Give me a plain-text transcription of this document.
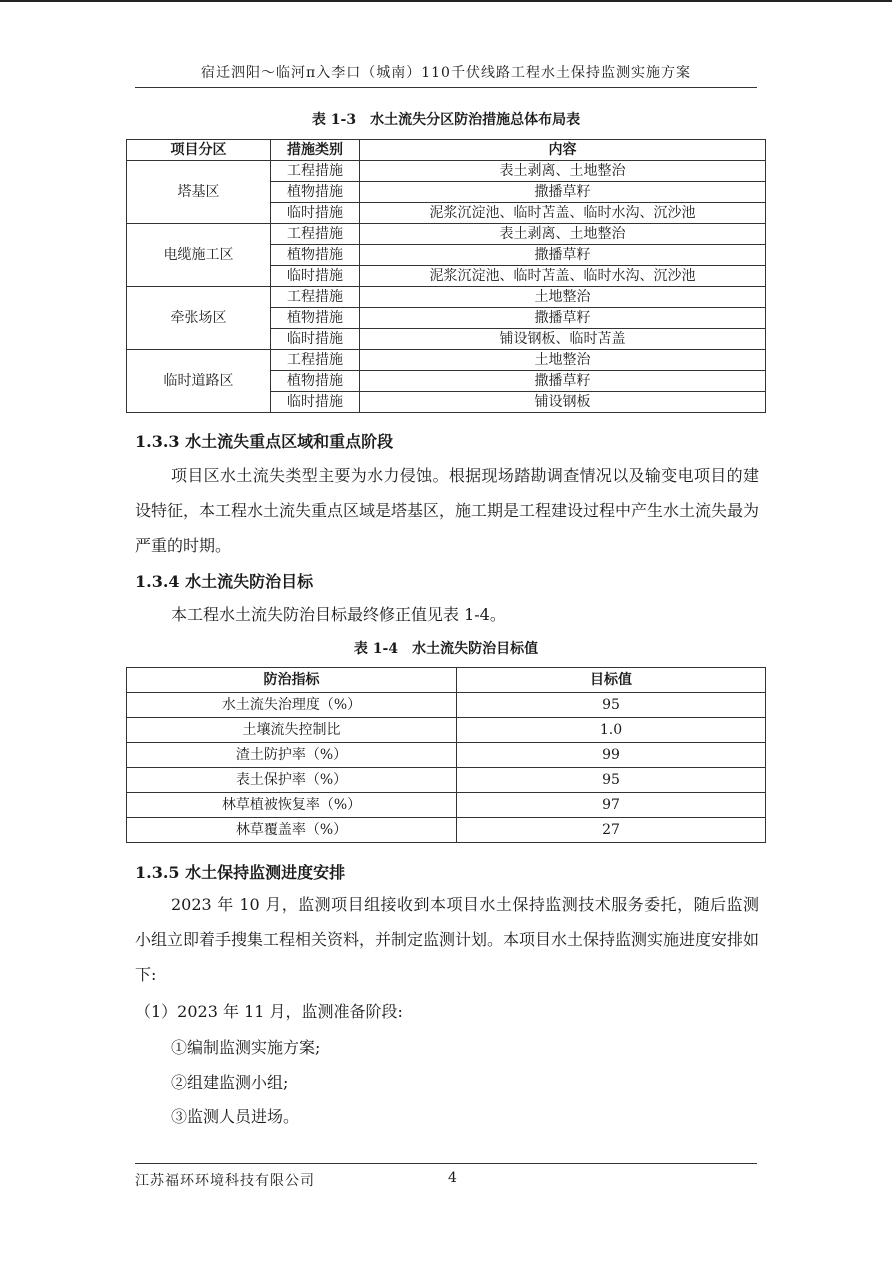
宿迁泗阳～临河π入李口（城南）110千伏线路工程水土保持监测实施方案
表 1-3　水土流失分区防治措施总体布局表
项目分区	措施类别	内容
塔基区	工程措施	表土剥离、土地整治
	植物措施	撒播草籽
	临时措施	泥浆沉淀池、临时苫盖、临时水沟、沉沙池
电缆施工区	工程措施	表土剥离、土地整治
	植物措施	撒播草籽
	临时措施	泥浆沉淀池、临时苫盖、临时水沟、沉沙池
牵张场区	工程措施	土地整治
	植物措施	撒播草籽
	临时措施	铺设钢板、临时苫盖
临时道路区	工程措施	土地整治
	植物措施	撒播草籽
	临时措施	铺设钢板
1.3.3 水土流失重点区域和重点阶段
项目区水土流失类型主要为水力侵蚀。根据现场踏勘调查情况以及输变电项目的建设特征，本工程水土流失重点区域是塔基区，施工期是工程建设过程中产生水土流失最为严重的时期。
1.3.4 水土流失防治目标
本工程水土流失防治目标最终修正值见表 1-4。
表 1-4　水土流失防治目标值
防治指标	目标值
水土流失治理度（%）	95
土壤流失控制比	1.0
渣土防护率（%）	99
表土保护率（%）	95
林草植被恢复率（%）	97
林草覆盖率（%）	27
1.3.5 水土保持监测进度安排
2023 年 10 月，监测项目组接收到本项目水土保持监测技术服务委托，随后监测小组立即着手搜集工程相关资料，并制定监测计划。本项目水土保持监测实施进度安排如下:
（1）2023 年 11 月，监测准备阶段:
①编制监测实施方案;
②组建监测小组;
③监测人员进场。
江苏福环环境科技有限公司	4
